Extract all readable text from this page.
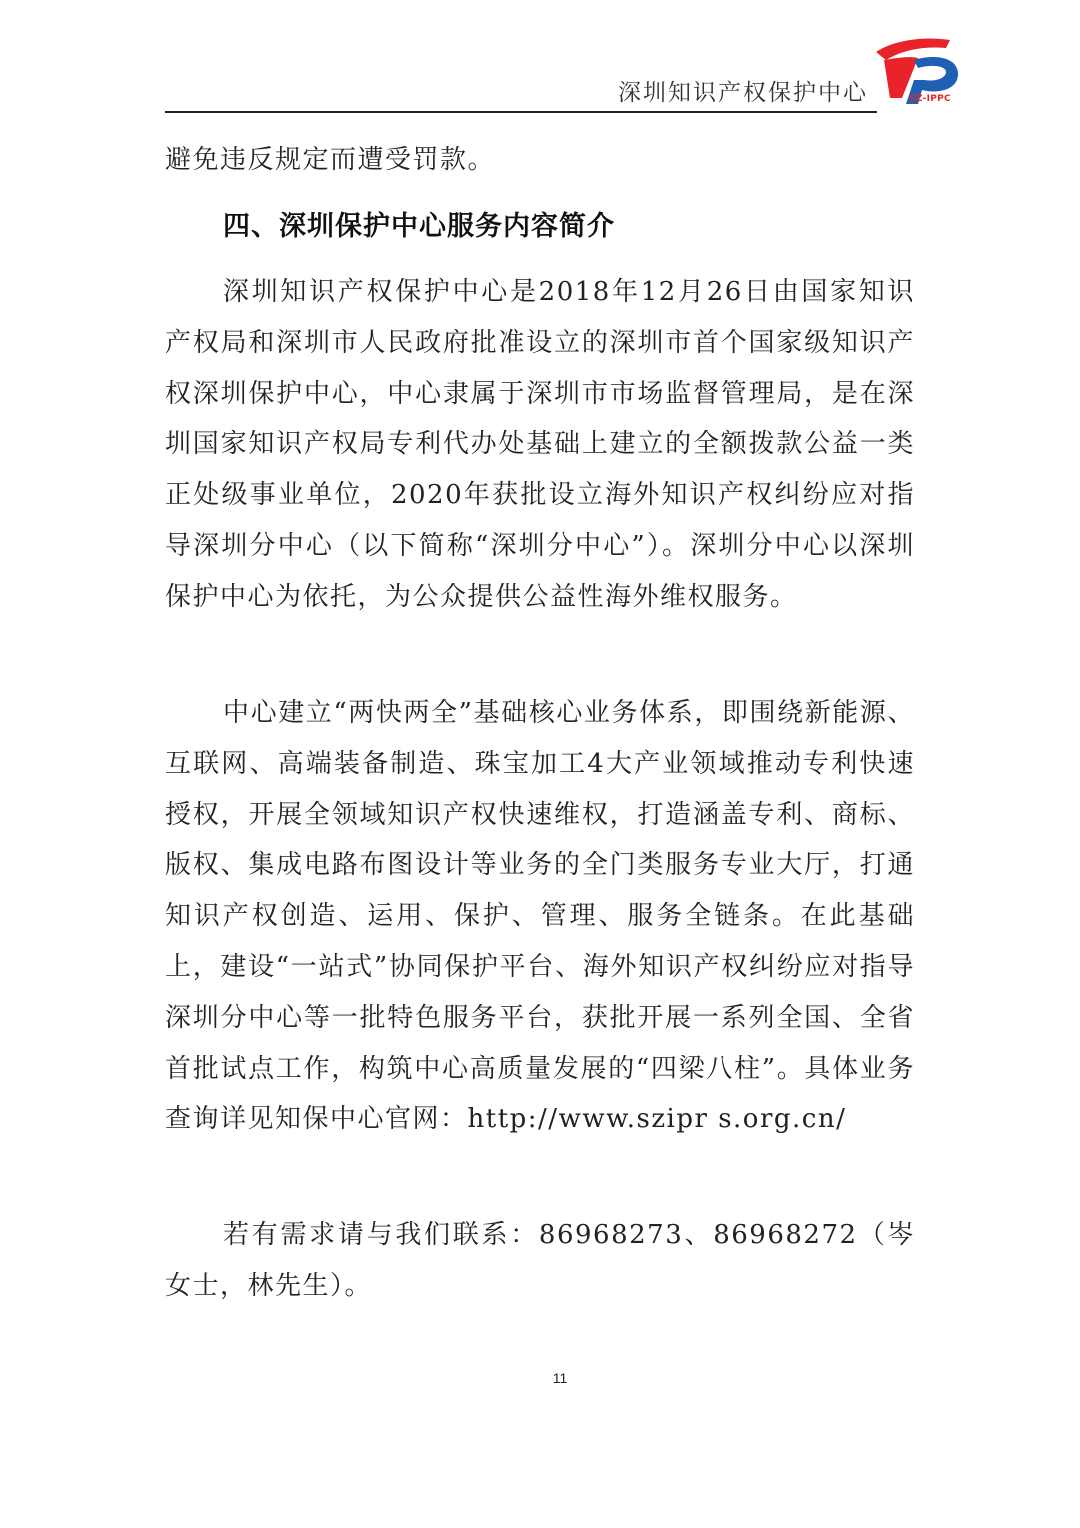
深圳知识产权保护中心	SZ-IPPC
避免违反规定而遭受罚款。
四、深圳保护中心服务内容简介
深圳知识产权保护中心是2018年12月26日由国家知识产权局和深圳市人民政府批准设立的深圳市首个国家级知识产权深圳保护中心，中心隶属于深圳市市场监督管理局，是在深圳国家知识产权局专利代办处基础上建立的全额拨款公益一类正处级事业单位，2020年获批设立海外知识产权纠纷应对指导深圳分中心（以下简称“深圳分中心”）。深圳分中心以深圳保护中心为依托，为公众提供公益性海外维权服务。
中心建立“两快两全”基础核心业务体系，即围绕新能源、互联网、高端装备制造、珠宝加工4大产业领域推动专利快速授权，开展全领域知识产权快速维权，打造涵盖专利、商标、版权、集成电路布图设计等业务的全门类服务专业大厅，打通知识产权创造、运用、保护、管理、服务全链条。在此基础上，建设“一站式”协同保护平台、海外知识产权纠纷应对指导深圳分中心等一批特色服务平台，获批开展一系列全国、全省首批试点工作，构筑中心高质量发展的“四梁八柱”。具体业务查询详见知保中心官网：http://www.szipr s.org.cn/
若有需求请与我们联系：86968273、86968272（岑女士，林先生）。
11
